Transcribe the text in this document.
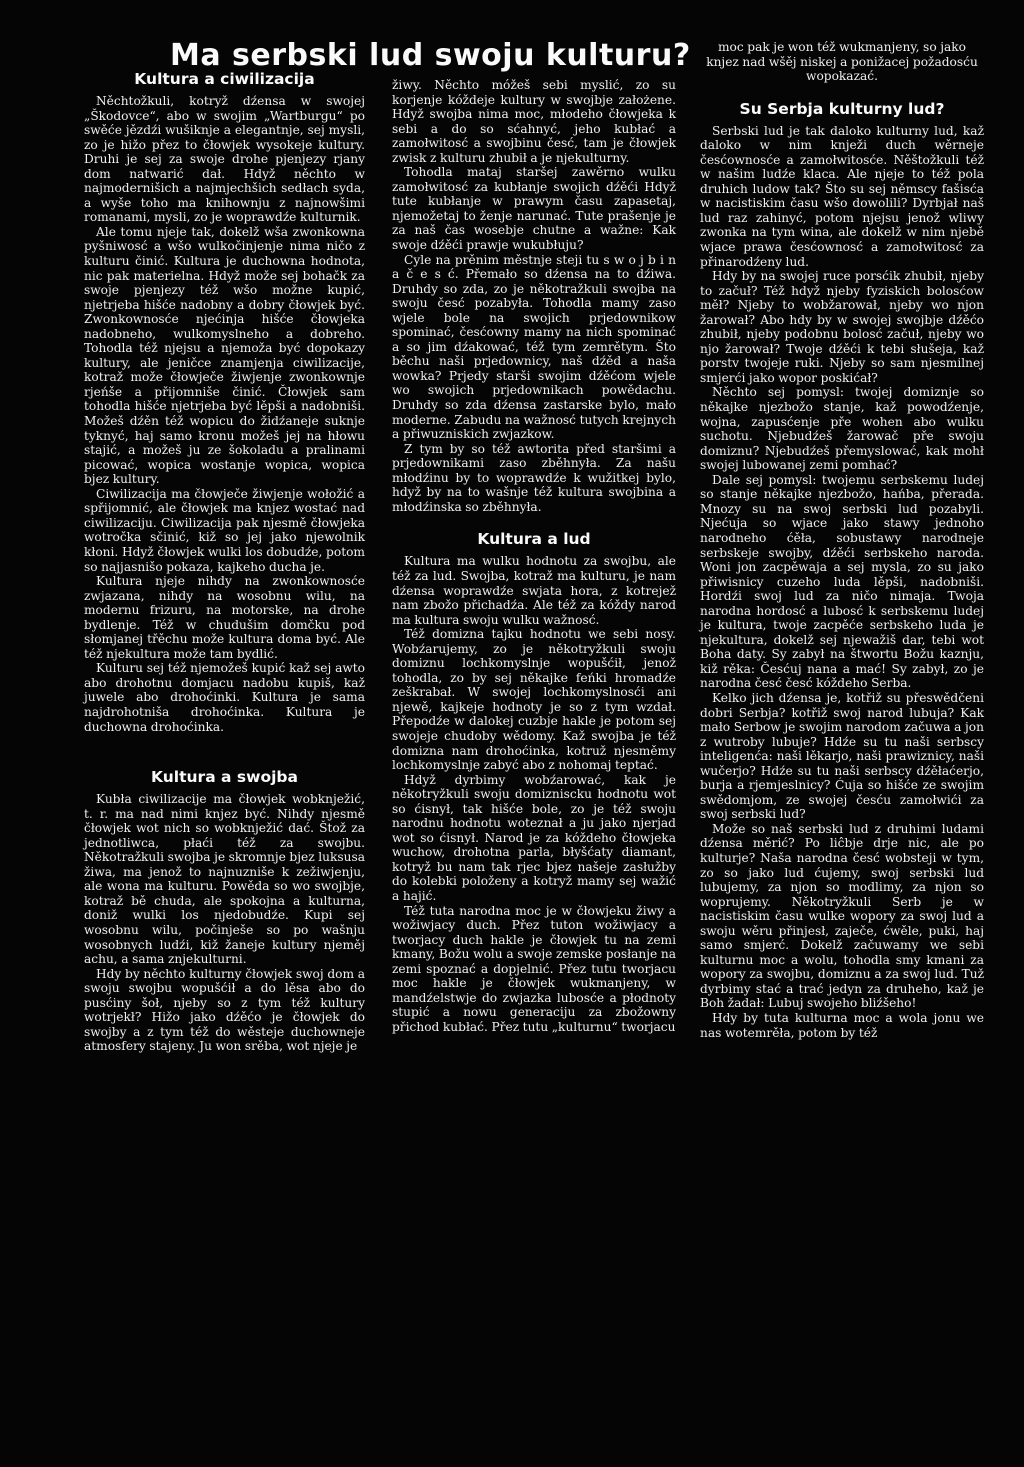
Ma serbski lud swoju kulturu?
Kultura a ciwilizacija

Něchtožkuli, kotryž dźensa w swojej „Škodovce“, abo w swojim „Wartburgu“ po swěće jězdźi wušiknje a elegantnje, sej mysli, zo je hižo přez to čłowjek wysokeje kultury. Druhi je sej za swoje drohe pjenjezy rjany dom natwarić dał. Hdyž něchto w najmodernišich a najmjechšich sedłach syda, a wyše toho ma knihownju z najnowšimi romanami, mysli, zo je woprawdźe kulturnik.

Ale tomu njeje tak, dokelž wša zwonkowna pyšniwosć a wšo wulkočinjenje nima ničo z kulturu činić. Kultura je duchowna hodnota, nic pak materielna. Hdyž može sej bohačk za swoje pjenjezy též wšo možne kupić, njetrjeba hišće nadobny a dobry čłowjek być. Zwonkownosće njećinja hišće čłowjeka nadobneho, wulkomyslneho a dobreho. Tohodla též njejsu a njemoža być dopokazy kultury, ale jeničce znamjenja ciwilizacije, kotraž može čłowječe žiwjenje zwonkownje rjeńše a přijomniše činić. Čłowjek sam tohodla hišće njetrjeba być lěpši a nadobniši. Možeš dźěn též wopicu do židźaneje suknje tyknyć, haj samo kronu možeš jej na hłowu stajić, a možeš ju ze šokoladu a pralinami picować, wopica wostanje wopica, wopica bjez kultury.

Ciwilizacija ma čłowječe žiwjenje wołožić a spřijomnić, ale čłowjek ma knjez wostać nad ciwilizaciju. Ciwilizacija pak njesmě čłowjeka wotročka sčinić, kiž so jej jako njewolnik kłoni. Hdyž čłowjek wulki los dobudźe, potom so najjasnišo pokaza, kajkeho ducha je.

Kultura njeje nihdy na zwonkownosće zwjazana, nihdy na wosobnu wilu, na modernu frizuru, na motorske, na drohe bydlenje. Též w chudušim domčku pod słomjanej třěchu može kultura doma być. Ale též njekultura može tam bydlić.

Kulturu sej též njemožeš kupić kaž sej awto abo drohotnu domjacu nadobu kupiš, kaž juwele abo drohoćinki. Kultura je sama najdrohotniša drohoćinka. Kultura je duchowna drohoćinka.

Kultura a swojba

Kubła ciwilizacije ma čłowjek wobknježić, t. r. ma nad nimi knjez być. Nihdy njesmě čłowjek wot nich so wobknježić dać. Štož za jednotliwca, płaći též za swojbu. Někotražkuli swojba je skromnje bjez luksusa žiwa, ma jenož to najnuzniše k zežiwjenju, ale wona ma kulturu. Powěda so wo swojbje, kotraž bě chuda, ale spokojna a kulturna, doniž wulki los njedobudźe. Kupi sej wosobnu wilu, počinješe so po wašnju wosobnych ludźi, kiž žaneje kultury njeměj achu, a sama znjekulturni.

Hdy by něchto kulturny čłowjek swoj dom a swoju swojbu wopušćił a do lěsa abo do pusćiny šoł, njeby so z tym též kultury wotrjekł? Hižo jako dźěćo je čłowjek do swojby a z tym též do wěsteje duchowneje atmosfery stajeny. Ju won srěba, wot njeje je

žiwy. Něchto móžeš sebi myslić, zo su korjenje kóždeje kultury w swojbje założene. Hdyž swojba nima moc, młodeho čłowjeka k sebi a do so sćahnyć, jeho kubłać a zamołwitosć a swojbinu česć, tam je čłowjek zwisk z kulturu zhubił a je njekulturny.

Tohodla mataj staršej zawěrno wulku zamołwitosć za kubłanje swojich dźěći Hdyž tute kubłanje w prawym času zapasetaj, njemožetaj to ženje narunać. Tute prašenje je za naš čas wosebje chutne a wažne: Kak swoje dźěći prawje wukubłuju?

Cyle na prěnim městnje steji tu s w o j b i n a č e s ć. Přemało so dźensa na to dźiwa. Druhdy so zda, zo je někotražkuli swojba na swoju česć pozabyła. Tohodla mamy zaso wjele bole na swojich prjedownikow spominać, česćowny mamy na nich spominać a so jim dźakować, též tym zemrětym. Što běchu naši prjedownicy, naš dźěd a naša wowka? Prjedy starši swojim dźěćom wjele wo swojich prjedownikach powědachu. Druhdy so zda dźensa zastarske bylo, mało moderne. Zabudu na wažnosć tutych krejnych a přiwuzniskich zwjazkow.

Z tym by so též awtorita před staršimi a prjedownikami zaso zběhnyła. Za našu młodźinu by to woprawdźe k wužitkej bylo, hdyž by na to wašnje též kultura swojbina a młodźinska so zběhnyła.

Kultura a lud

Kultura ma wulku hodnotu za swojbu, ale též za lud. Swojba, kotraž ma kulturu, je nam dźensa woprawdźe swjata hora, z kotrejež nam zbožo přichadźa. Ale též za kóždy narod ma kultura swoju wulku wažnosć.

Též domizna tajku hodnotu we sebi nosy. Wobźarujemy, zo je někotryžkuli swoju domiznu lochkomyslnje wopušćił, jenož tohodla, zo by sej někajke feńki hromadźe zeškrabał. W swojej lochkomyslnosći ani njewě, kajkeje hodnoty je so z tym wzdał. Přepodźe w dalokej cuzbje hakle je potom sej swojeje chudoby wědomy. Kaž swojba je též domizna nam drohoćinka, kotruž njesměmy lochkomyslnje zabyć abo z nohomaj teptać.

Hdyž dyrbimy wobźarować, kak je někotryžkuli swoju domizniscku hodnotu wot so ćisnył, tak hišće bole, zo je též swoju narodnu hodnotu woteznał a ju jako njerjad wot so ćisnył. Narod je za kóždeho čłowjeka wuchow, drohotna parla, błyšćaty diamant, kotryž bu nam tak rjec bjez našeje zasłužby do kolebki položeny a kotryž mamy sej wažić a hajić.

Též tuta narodna moc je w čłowjeku žiwy a wožiwjacy duch. Přez tuton wožiwjacy a tworjacy duch hakle je čłowjek tu na zemi kmany, Božu wolu a swoje zemske posłanje na zemi spoznać a dopjelnić. Přez tutu tworjacu moc hakle je čłowjek wukmanjeny, w mandźelstwje do zwjazka lubosće a płodnoty stupić a nowu generaciju za zbožowny přichod kubłać. Přez tutu „kulturnu“ tworjacu

moc pak je won též wukmanjeny, so jako knjez nad wšěj niskej a ponižacej požadosću wopokazać.

Su Serbja kulturny lud?

Serbski lud je tak daloko kulturny lud, kaž daloko w nim knježi duch wěrneje česćownosće a zamołwitosće. Něštožkuli též w našim ludźe klaca. Ale njeje to též pola druhich ludow tak? Što su sej němscy fašisća w nacistiskim času wšo dowolili? Dyrbjał naš lud raz zahinyć, potom njejsu jenož wliwy zwonka na tym wina, ale dokelž w nim njebě wjace prawa česćownosć a zamołwitosć za přinarodźeny lud.

Hdy by na swojej ruce porsćik zhubił, njeby to začuł? Též hdyž njeby fyziskich bolosćow měł? Njeby to wobžarował, njeby wo njon žarował? Abo hdy by w swojej swojbje dźěćo zhubił, njeby podobnu bolosć začuł, njeby wo njo žarował? Twoje dźěći k tebi słušeja, kaž porstv twojeje ruki. Njeby so sam njesmilnej smjerći jako wopor poskićał?

Něchto sej pomysl: twojej domiznje so někajke njezbožo stanje, kaž powodźenje, wojna, zapusćenje pře wohen abo wulku suchotu. Njebudźeš žarowač pře swoju domiznu? Njebudźeš přemyslować, kak mohł swojej lubowanej zemi pomhać?

Dale sej pomysl: twojemu serbskemu ludej so stanje někajke njezbožo, hańba, přerada. Mnozy su na swoj serbski lud pozabyli. Njećuja so wjace jako stawy jednoho narodneho ćěła, sobustawy narodneje serbskeje swojby, dźěći serbskeho naroda. Woni jon zacpěwaja a sej mysla, zo su jako přiwisnicy cuzeho luda lěpši, nadobniši. Hordźi swoj lud za ničo nimaja. Twoja narodna hordosć a lubosć k serbskemu ludej je kultura, twoje zacpěće serbskeho luda je njekultura, dokelž sej njewažiš dar, tebi wot Boha daty. Sy zabył na štwortu Božu kaznju, kiž rěka: Česćuj nana a mać! Sy zabył, zo je narodna česć česć kóždeho Serba.

Kelko jich dźensa je, kotřiž su přeswědčeni dobri Serbja? kotřiž swoj narod lubuja? Kak mało Serbow je swojim narodom začuwa a jon z wutroby lubuje? Hdźe su tu naši serbscy inteligenća: naši lěkarjo, naši prawiznicy, naši wučerjo? Hdźe su tu naši serbscy dźěłaćerjo, burja a rjemjeslnicy? Ćuja so hišće ze swojim swědomjom, ze swojej česću zamołwići za swoj serbski lud?

Može so naš serbski lud z druhimi ludami dźensa měrić? Po liĉbje drje nic, ale po kulturje? Naša narodna česć wobsteji w tym, zo so jako lud ćujemy, swoj serbski lud lubujemy, za njon so modlimy, za njon so woprujemy. Někotryžkuli Serb je w nacistiskim času wulke wopory za swoj lud a swoju wěru přinjesł, zaječe, ćwěle, puki, haj samo smjerć. Dokelž začuwamy we sebi kulturnu moc a wolu, tohodla smy kmani za wopory za swojbu, domiznu a za swoj lud. Tuž dyrbimy stać a trać jedyn za druheho, kaž je Boh žadał: Lubuj swojeho bliźšeho!

Hdy by tuta kulturna moc a wola jonu we nas wotemrěła, potom by též
